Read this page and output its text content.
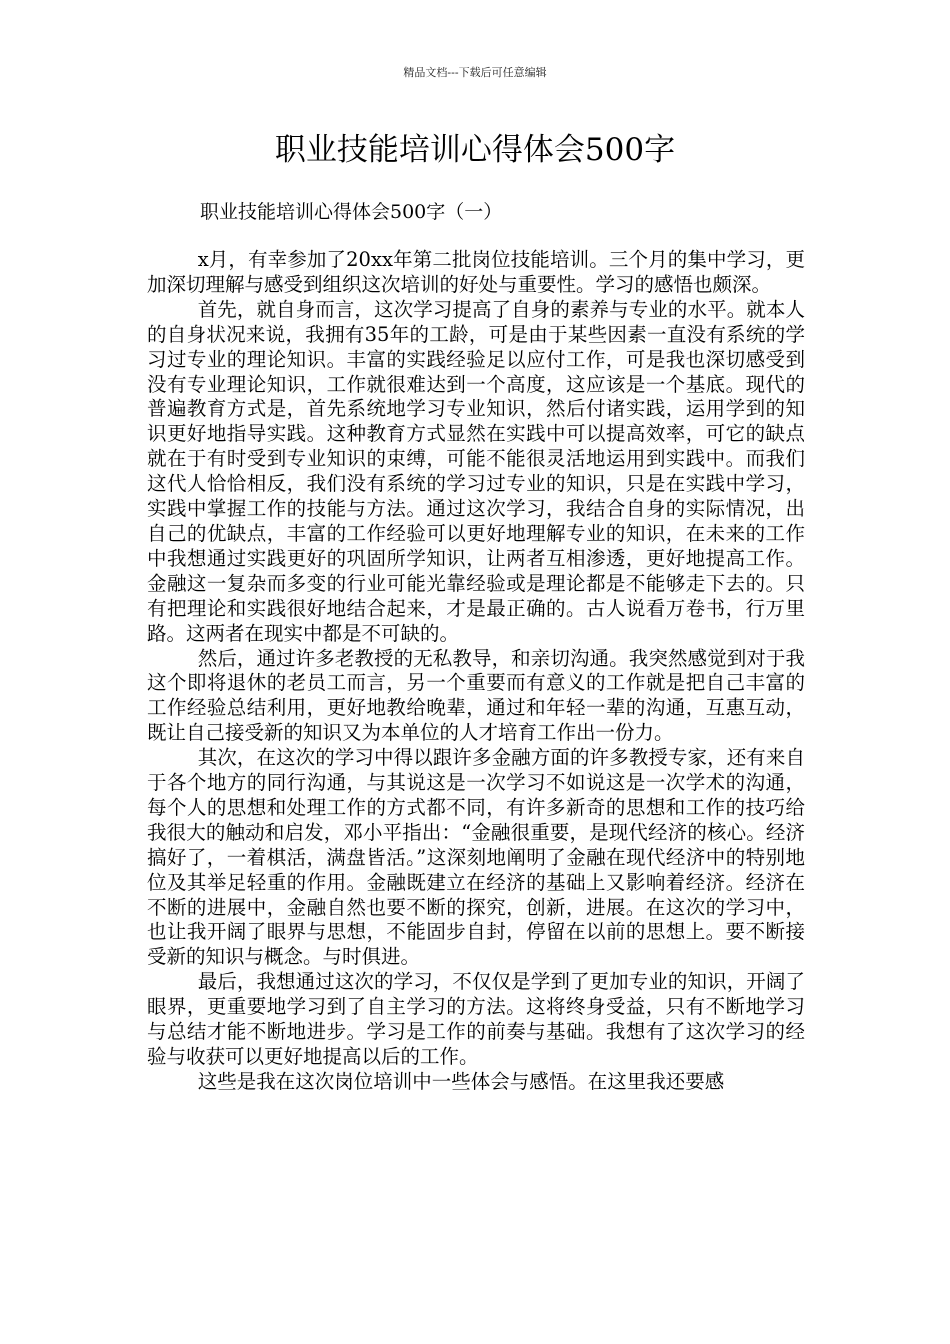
精品文档---下载后可任意编辑
职业技能培训心得体会500字
职业技能培训心得体会500字（一）

x月，有幸参加了20xx年第二批岗位技能培训。三个月的集中学习，更加深切理解与感受到组织这次培训的好处与重要性。学习的感悟也颇深。

首先，就自身而言，这次学习提高了自身的素养与专业的水平。就本人的自身状况来说，我拥有35年的工龄，可是由于某些因素一直没有系统的学习过专业的理论知识。丰富的实践经验足以应付工作，可是我也深切感受到没有专业理论知识，工作就很难达到一个高度，这应该是一个基底。现代的普遍教育方式是，首先系统地学习专业知识，然后付诸实践，运用学到的知识更好地指导实践。这种教育方式显然在实践中可以提高效率，可它的缺点就在于有时受到专业知识的束缚，可能不能很灵活地运用到实践中。而我们这代人恰恰相反，我们没有系统的学习过专业的知识，只是在实践中学习，实践中掌握工作的技能与方法。通过这次学习，我结合自身的实际情况，出自己的优缺点，丰富的工作经验可以更好地理解专业的知识，在未来的工作中我想通过实践更好的巩固所学知识，让两者互相渗透，更好地提高工作。金融这一复杂而多变的行业可能光靠经验或是理论都是不能够走下去的。只有把理论和实践很好地结合起来，才是最正确的。古人说看万卷书，行万里路。这两者在现实中都是不可缺的。

然后，通过许多老教授的无私教导，和亲切沟通。我突然感觉到对于我这个即将退休的老员工而言，另一个重要而有意义的工作就是把自己丰富的工作经验总结利用，更好地教给晚辈，通过和年轻一辈的沟通，互惠互动，既让自己接受新的知识又为本单位的人才培育工作出一份力。

其次，在这次的学习中得以跟许多金融方面的许多教授专家，还有来自于各个地方的同行沟通，与其说这是一次学习不如说这是一次学术的沟通，每个人的思想和处理工作的方式都不同，有许多新奇的思想和工作的技巧给我很大的触动和启发，邓小平指出：“金融很重要，是现代经济的核心。经济搞好了，一着棋活，满盘皆活。”这深刻地阐明了金融在现代经济中的特别地位及其举足轻重的作用。金融既建立在经济的基础上又影响着经济。经济在不断的进展中，金融自然也要不断的探究，创新，进展。在这次的学习中，也让我开阔了眼界与思想，不能固步自封，停留在以前的思想上。要不断接受新的知识与概念。与时俱进。

最后，我想通过这次的学习，不仅仅是学到了更加专业的知识，开阔了眼界，更重要地学习到了自主学习的方法。这将终身受益，只有不断地学习与总结才能不断地进步。学习是工作的前奏与基础。我想有了这次学习的经验与收获可以更好地提高以后的工作。

这些是我在这次岗位培训中一些体会与感悟。在这里我还要感
